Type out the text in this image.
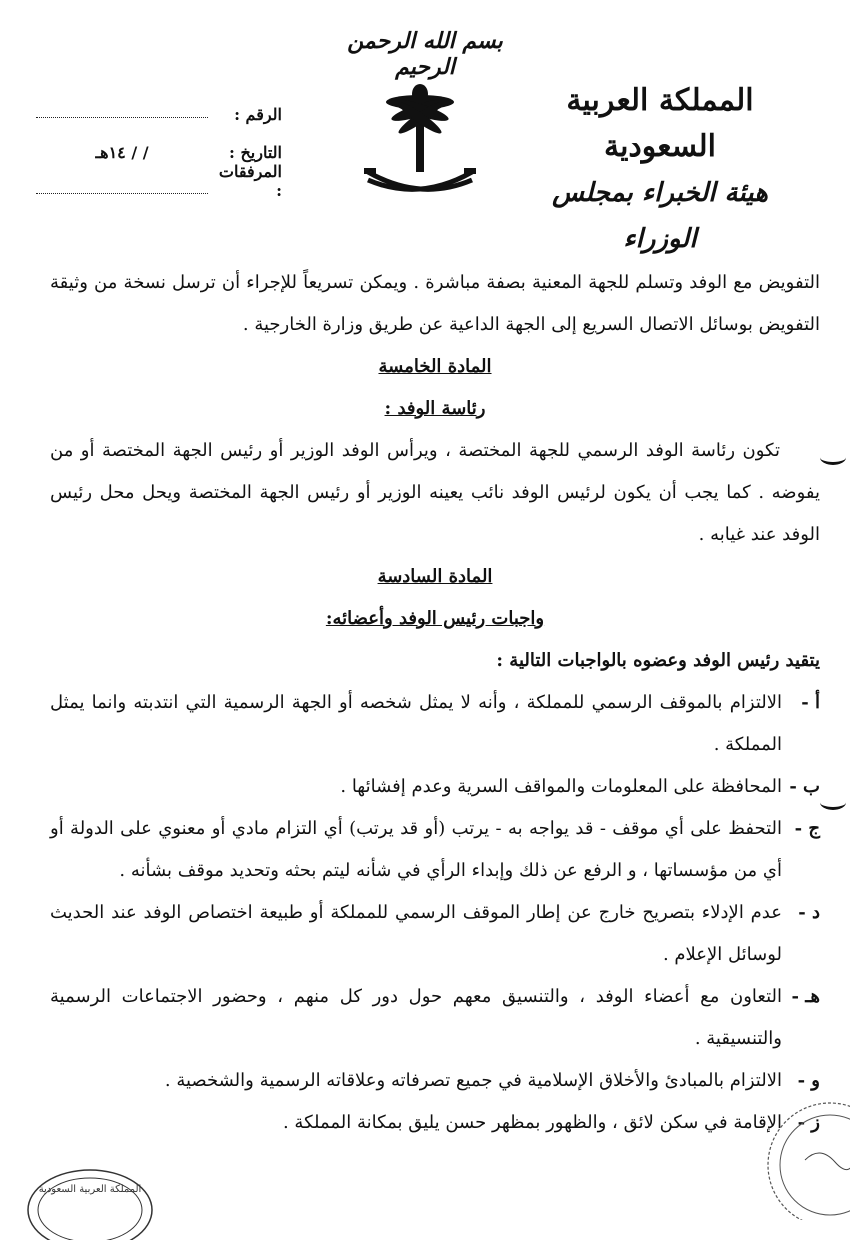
بسم الله الرحمن الرحيم
المملكة العربية السعودية
هيئة الخبراء بمجلس الوزراء
الرقم :
التاريخ :
/ / ١٤هـ
المرفقات :

التفويض مع الوفد وتسلم للجهة المعنية بصفة مباشرة . ويمكن تسريعاً للإجراء أن ترسل نسخة من وثيقة التفويض بوسائل الاتصال السريع إلى الجهة الداعية عن طريق وزارة الخارجية .

المادة الخامسة

رئاسة الوفد :

تكون رئاسة الوفد الرسمي للجهة المختصة ، ويرأس الوفد الوزير أو رئيس الجهة المختصة أو من يفوضه . كما يجب أن يكون لرئيس الوفد نائب يعينه الوزير أو رئيس الجهة المختصة ويحل محل رئيس الوفد عند غيابه .

المادة السادسة

واجبات رئيس الوفد وأعضائه:

يتقيد رئيس الوفد وعضوه بالواجبات التالية :

أ -
الالتزام بالموقف الرسمي للمملكة ، وأنه لا يمثل شخصه أو الجهة الرسمية التي انتدبته وانما يمثل المملكة .
ب -
المحافظة على المعلومات والمواقف السرية وعدم إفشائها .
ج -
التحفظ على أي موقف - قد يواجه به - يرتب (أو قد يرتب) أي التزام مادي أو معنوي على الدولة أو أي من مؤسساتها ، و الرفع عن ذلك وإبداء الرأي في شأنه ليتم بحثه وتحديد موقف بشأنه .
د -
عدم الإدلاء بتصريح خارج عن إطار الموقف الرسمي للمملكة أو طبيعة اختصاص الوفد عند الحديث لوسائل الإعلام .
هـ -
التعاون مع أعضاء الوفد ، والتنسيق معهم حول دور كل منهم ، وحضور الاجتماعات الرسمية والتنسيقية .
و -
الالتزام بالمبادئ والأخلاق الإسلامية في جميع تصرفاته وعلاقاته الرسمية والشخصية .
ز -
الإقامة في سكن لائق ، والظهور بمظهر حسن يليق بمكانة المملكة .
المملكة العربية السعودية
